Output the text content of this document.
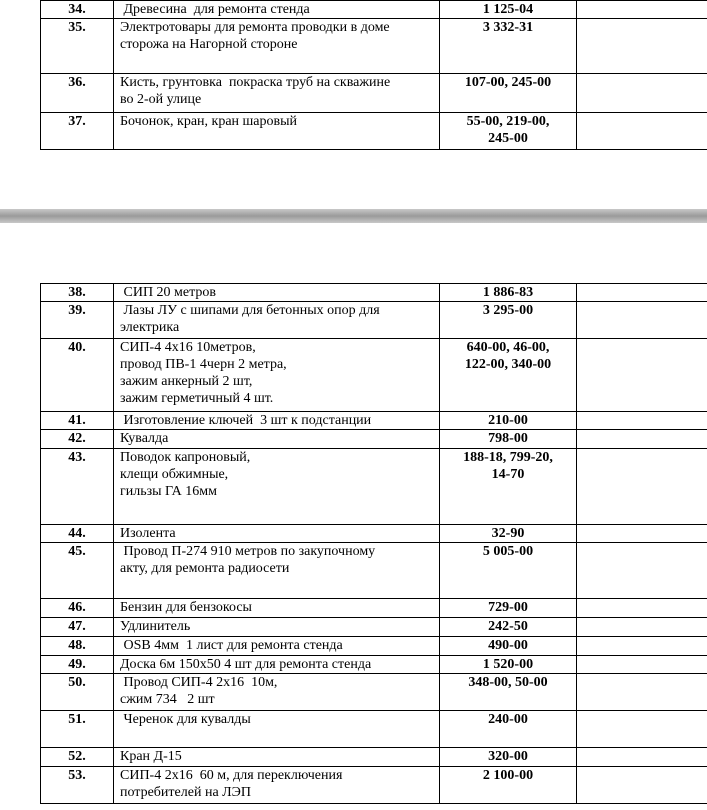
34.	Древесина  для ремонта стенда	1 125-04	

35.	Электротовары для ремонта проводки в доме
сторожа на Нагорной стороне	3 332-31	

36.	Кисть, грунтовка  покраска труб на скважине
во 2-ой улице	107-00, 245-00	

37.	Бочонок, кран, кран шаровый	55-00, 219-00,
245-00	

38.	СИП 20 метров	1 886-83	

39.	Лазы ЛУ с шипами для бетонных опор для
электрика	3 295-00	

40.	СИП-4 4х16 10метров,
провод ПВ-1 4черн 2 метра,
зажим анкерный 2 шт,
зажим герметичный 4 шт.	640-00, 46-00,
122-00, 340-00	

41.	Изготовление ключей  3 шт к подстанции	210-00	

42.	Кувалда	798-00	

43.	Поводок капроновый,
клещи обжимные,
гильзы ГА 16мм	188-18, 799-20,
14-70	

44.	Изолента	32-90	

45.	Провод П-274 910 метров по закупочному
акту, для ремонта радиосети	5 005-00	

46.	Бензин для бензокосы	729-00	

47.	Удлинитель	242-50	

48.	OSB 4мм  1 лист для ремонта стенда	490-00	

49.	Доска 6м 150х50 4 шт для ремонта стенда	1 520-00	

50.	Провод СИП-4 2х16  10м,
сжим 734   2 шт	348-00, 50-00	

51.	Черенок для кувалды	240-00	

52.	Кран Д-15	320-00	

53.	СИП-4 2х16  60 м, для переключения
потребителей на ЛЭП	2 100-00	
